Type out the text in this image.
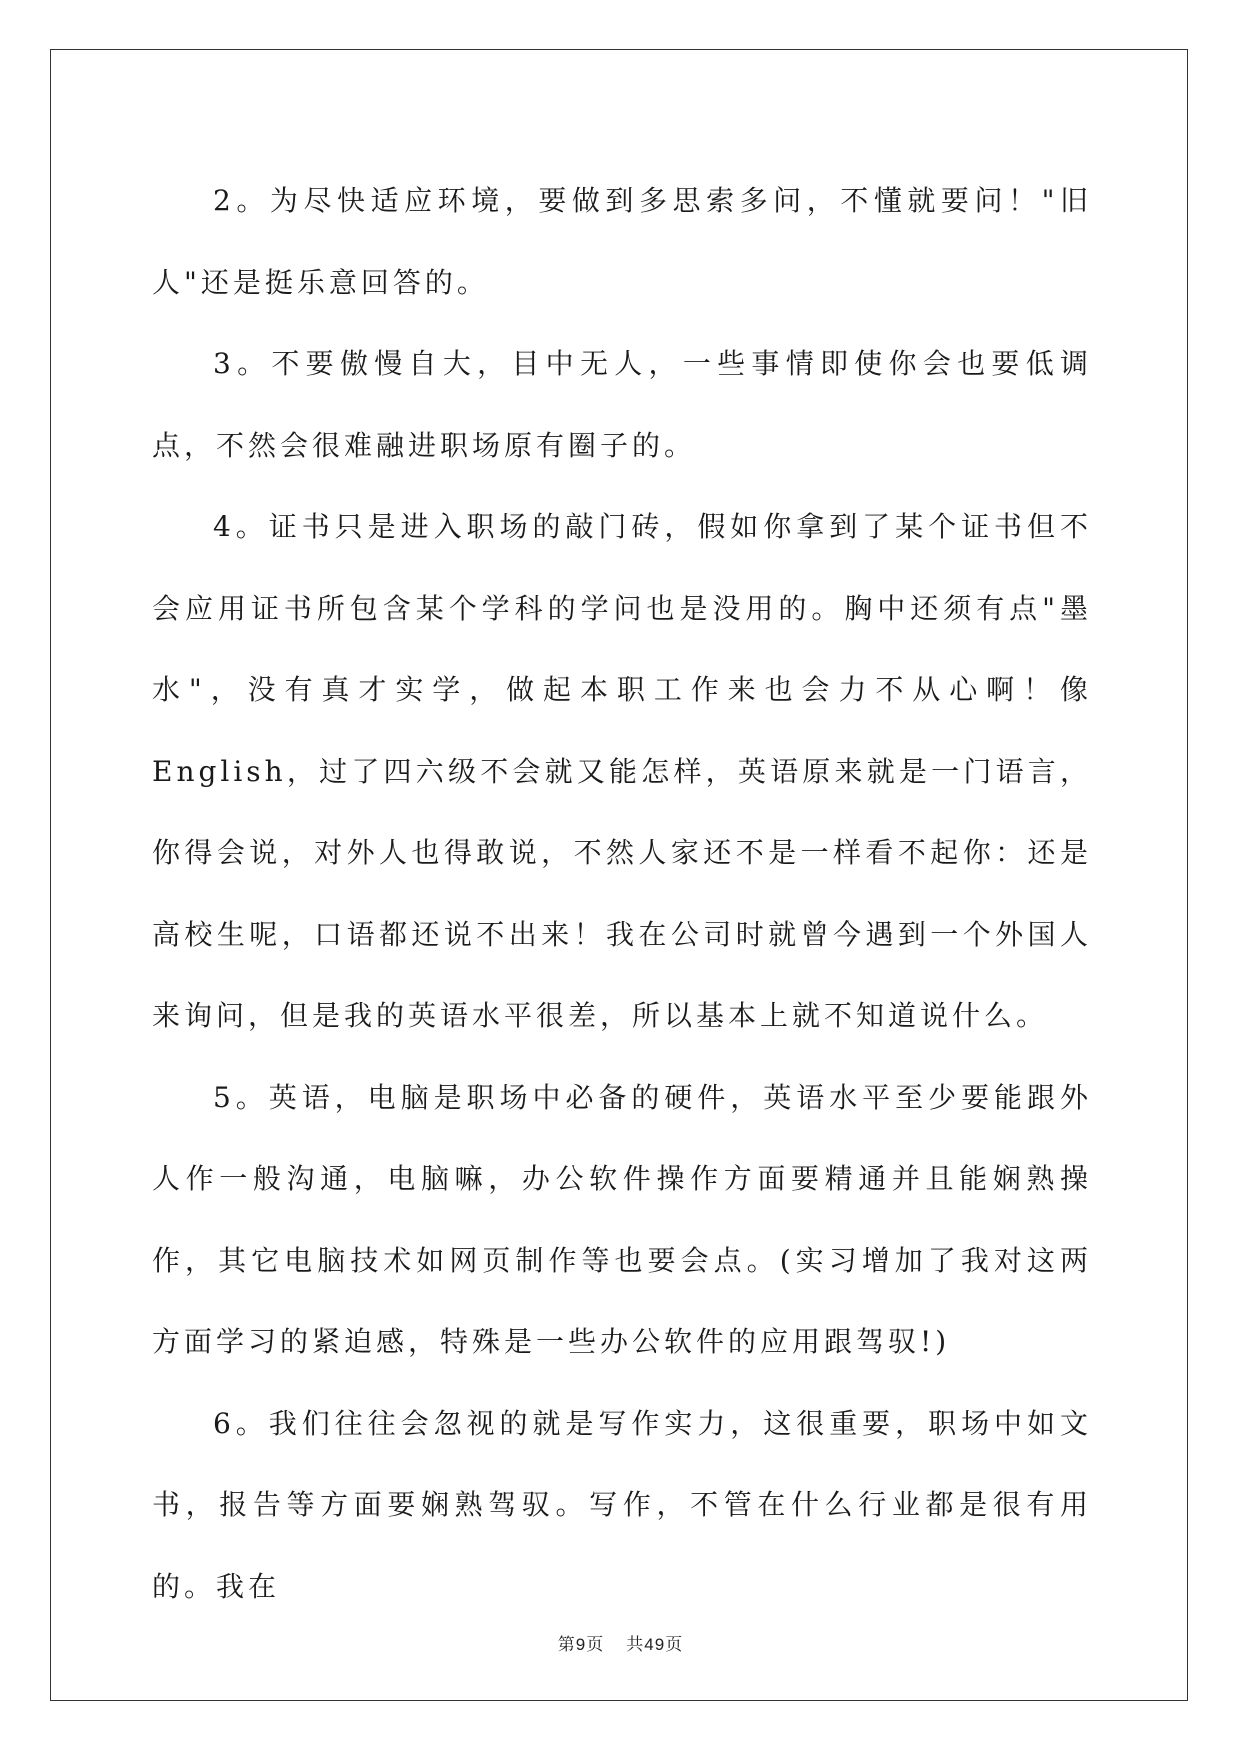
2。为尽快适应环境，要做到多思索多问，不懂就要问！"旧人"还是挺乐意回答的。

3。不要傲慢自大，目中无人，一些事情即使你会也要低调点，不然会很难融进职场原有圈子的。

4。证书只是进入职场的敲门砖，假如你拿到了某个证书但不会应用证书所包含某个学科的学问也是没用的。胸中还须有点"墨水"，没有真才实学，做起本职工作来也会力不从心啊！像English，过了四六级不会就又能怎样，英语原来就是一门语言，你得会说，对外人也得敢说，不然人家还不是一样看不起你：还是高校生呢，口语都还说不出来！我在公司时就曾今遇到一个外国人来询问，但是我的英语水平很差，所以基本上就不知道说什么。

5。英语，电脑是职场中必备的硬件，英语水平至少要能跟外人作一般沟通，电脑嘛，办公软件操作方面要精通并且能娴熟操作，其它电脑技术如网页制作等也要会点。(实习增加了我对这两方面学习的紧迫感，特殊是一些办公软件的应用跟驾驭!)

6。我们往往会忽视的就是写作实力，这很重要，职场中如文书，报告等方面要娴熟驾驭。写作，不管在什么行业都是很有用的。我在

第9页 共49页
